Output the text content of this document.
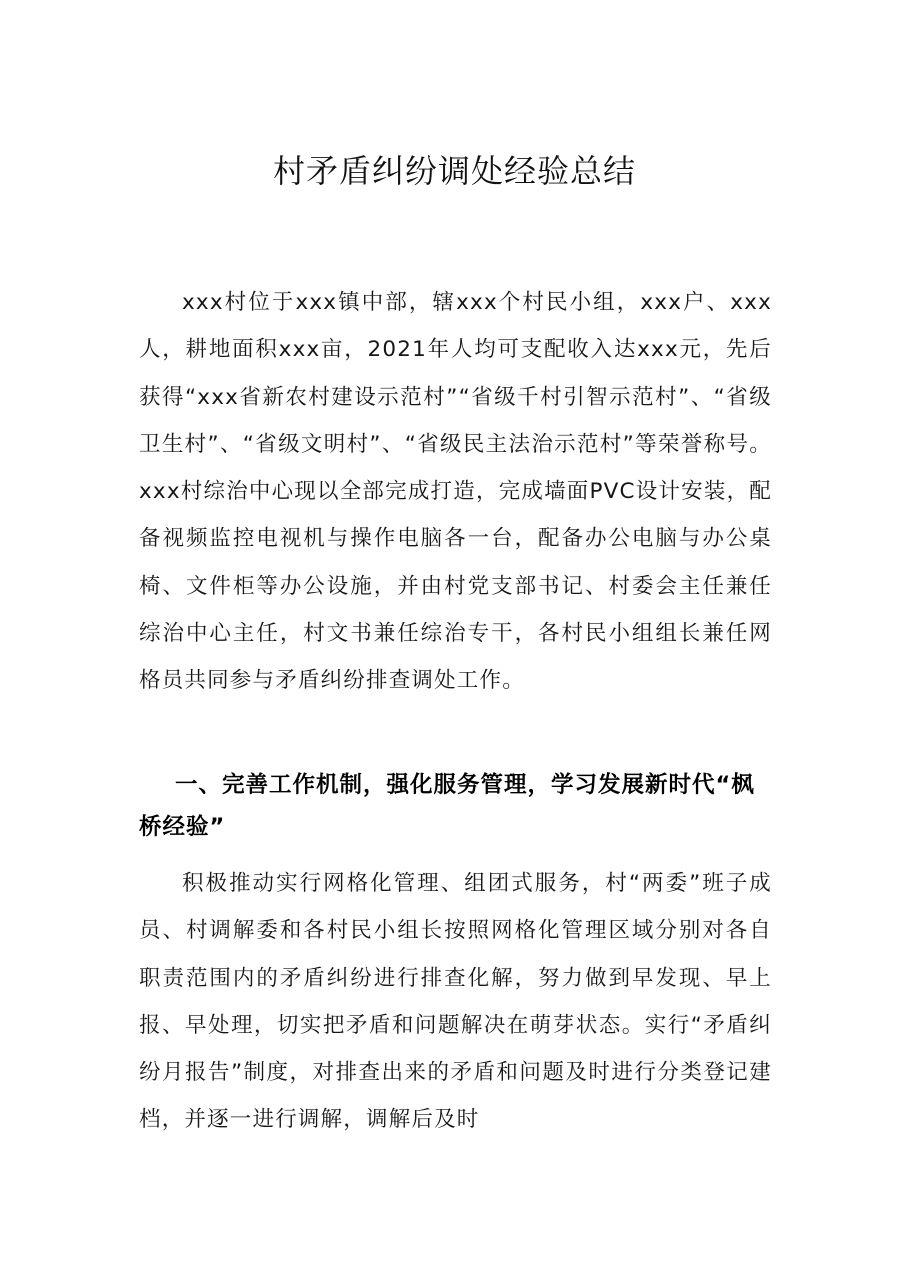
村矛盾纠纷调处经验总结

xxx村位于xxx镇中部，辖xxx个村民小组，xxx户、xxx人，耕地面积xxx亩，2021年人均可支配收入达xxx元，先后获得“xxx省新农村建设示范村”“省级千村引智示范村”、“省级卫生村”、“省级文明村”、“省级民主法治示范村”等荣誉称号。xxx村综治中心现以全部完成打造，完成墙面PVC设计安装，配备视频监控电视机与操作电脑各一台，配备办公电脑与办公桌椅、文件柜等办公设施，并由村党支部书记、村委会主任兼任综治中心主任，村文书兼任综治专干，各村民小组组长兼任网格员共同参与矛盾纠纷排查调处工作。

一、完善工作机制，强化服务管理，学习发展新时代“枫桥经验”

积极推动实行网格化管理、组团式服务，村“两委”班子成员、村调解委和各村民小组长按照网格化管理区域分别对各自职责范围内的矛盾纠纷进行排查化解，努力做到早发现、早上报、早处理，切实把矛盾和问题解决在萌芽状态。实行“矛盾纠纷月报告”制度，对排查出来的矛盾和问题及时进行分类登记建档，并逐一进行调解，调解后及时
